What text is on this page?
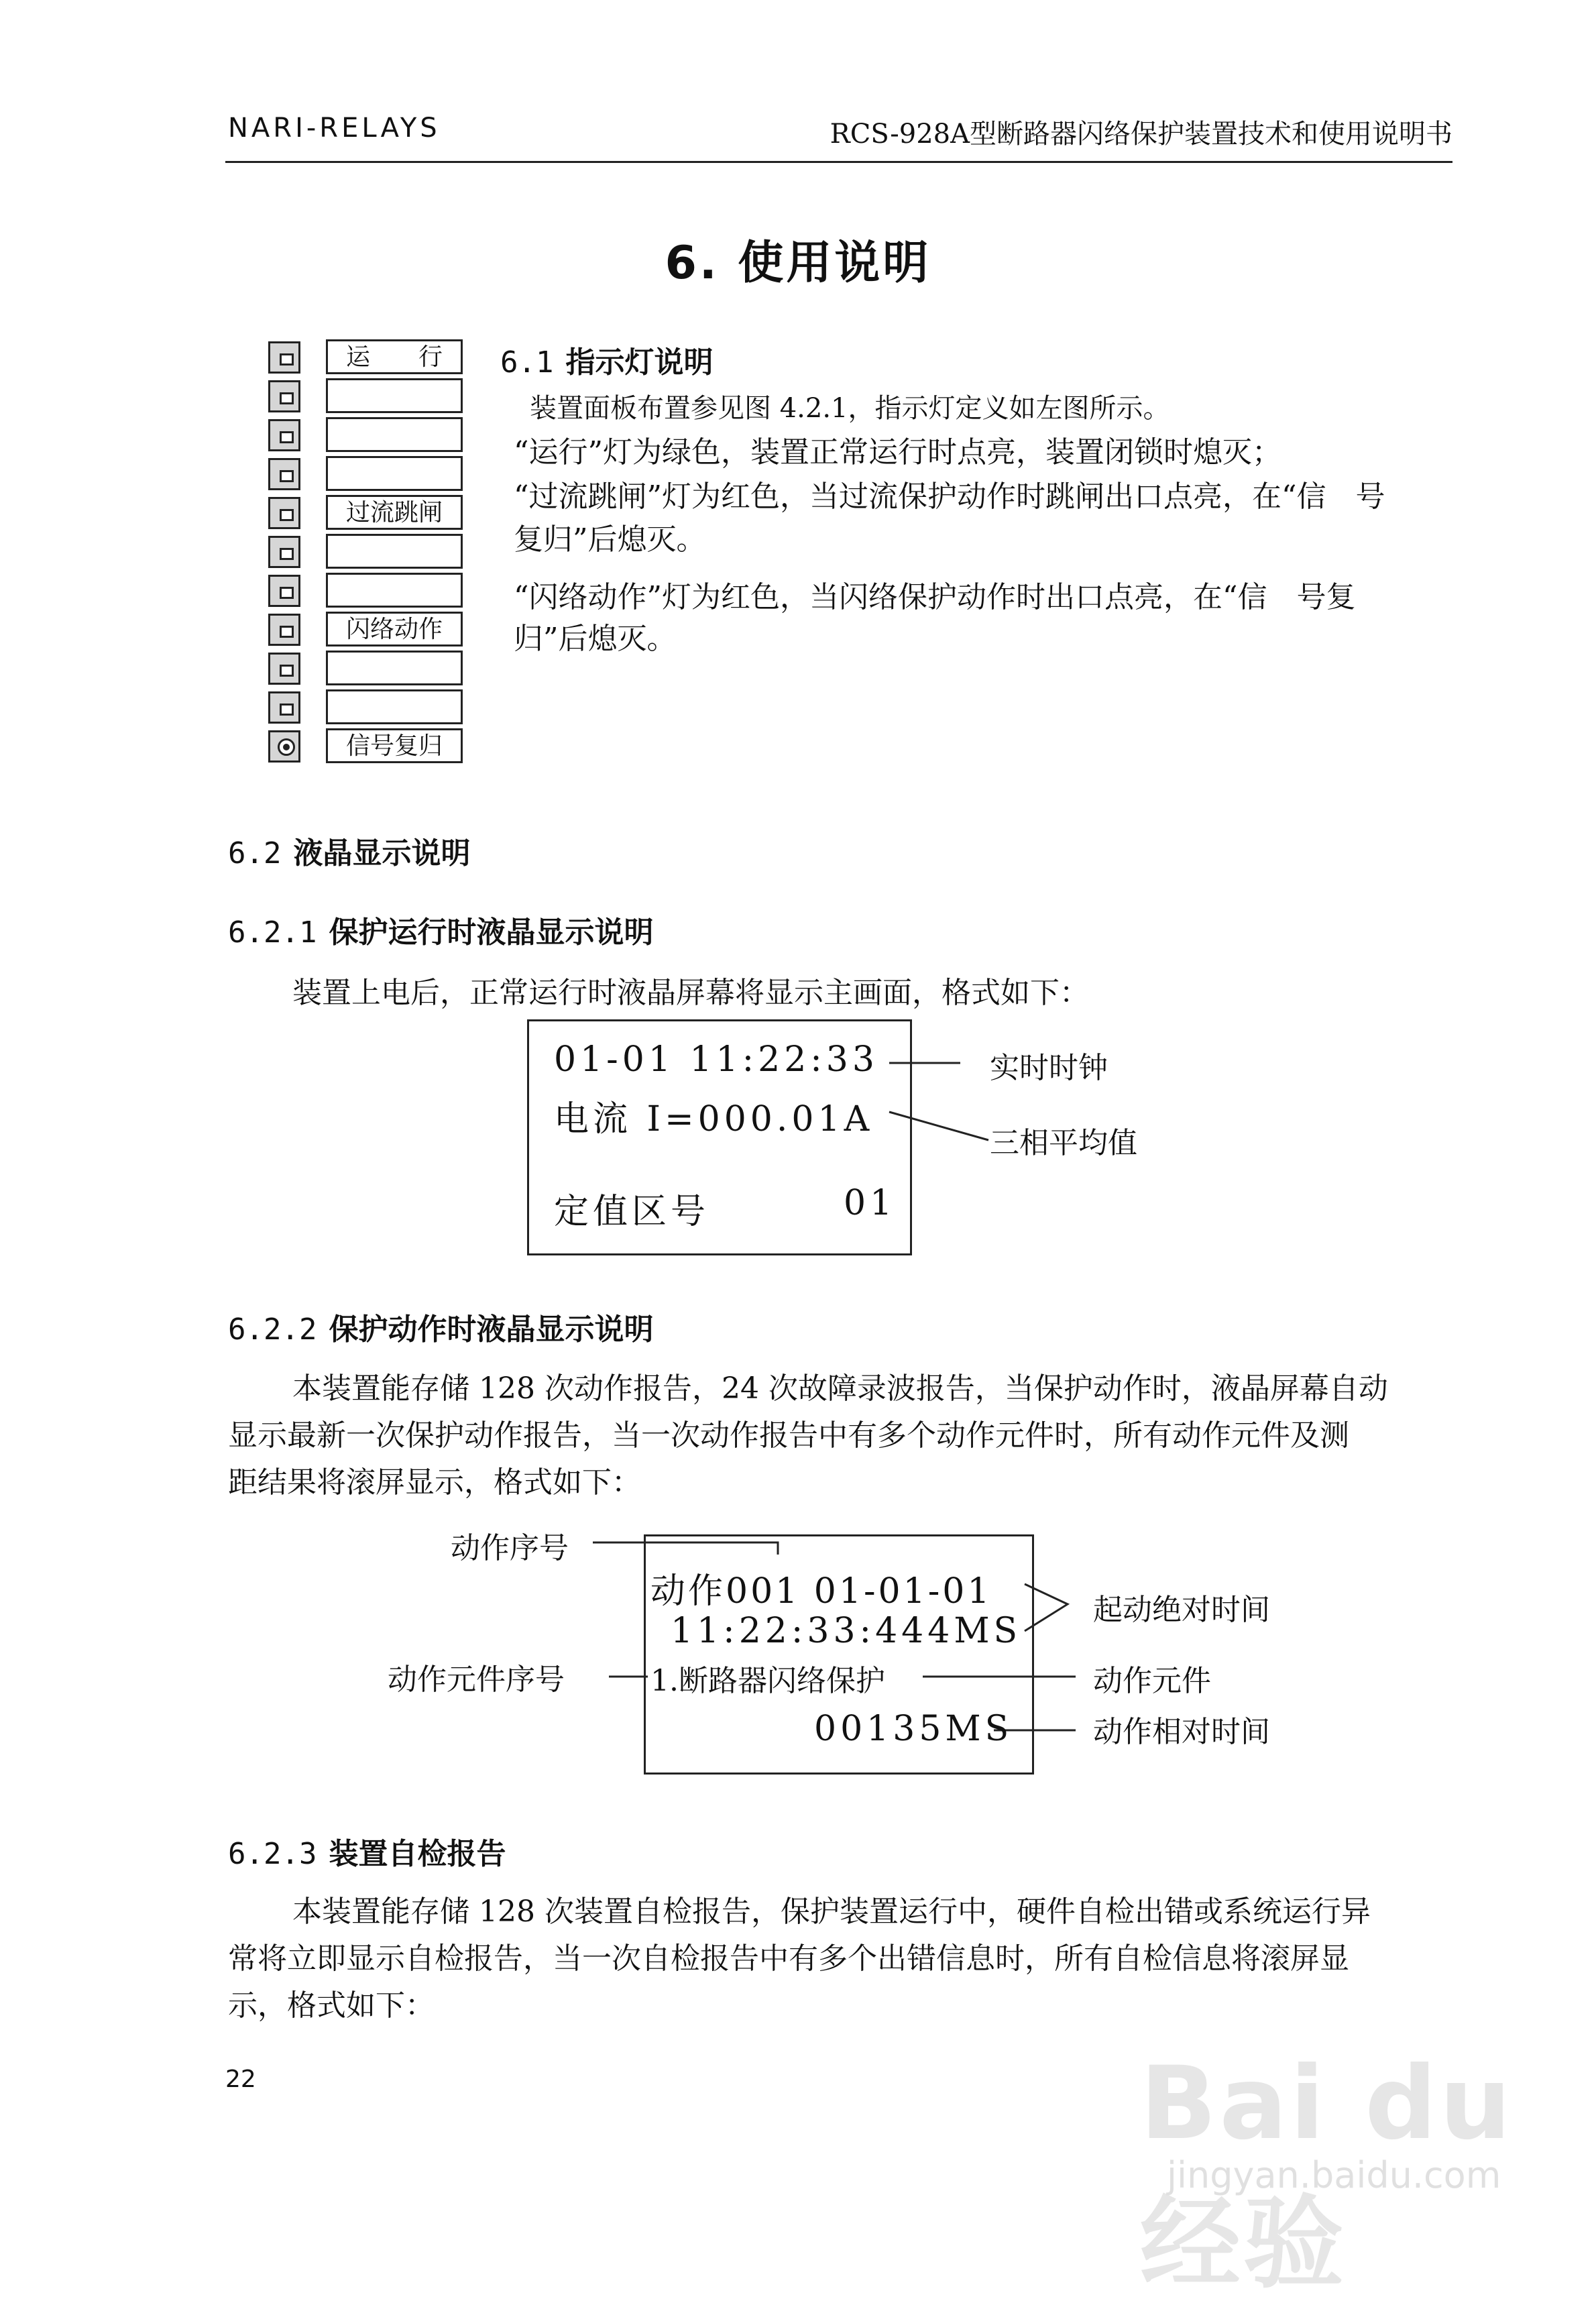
NARI-RELAYS	RCS-928A型断路器闪络保护装置技术和使用说明书
6. 使用说明
运　　行
过流跳闸
闪络动作
信号复归
6.1 指示灯说明
装置面板布置参见图 4.2.1，指示灯定义如左图所示。
“运行”灯为绿色，装置正常运行时点亮，装置闭锁时熄灭；
“过流跳闸”灯为红色，当过流保护动作时跳闸出口点亮，在“信　号
复归”后熄灭。
“闪络动作”灯为红色，当闪络保护动作时出口点亮，在“信　号复
归”后熄灭。
6.2 液晶显示说明
6.2.1 保护运行时液晶显示说明
装置上电后，正常运行时液晶屏幕将显示主画面，格式如下：
01-01 11:22:33
电流 I=000.01A
定值区号	01
实时时钟
三相平均值
6.2.2 保护动作时液晶显示说明
本装置能存储 128 次动作报告，24 次故障录波报告，当保护动作时，液晶屏幕自动
显示最新一次保护动作报告，当一次动作报告中有多个动作元件时，所有动作元件及测
距结果将滚屏显示，格式如下：
动作001 01-01-01
11:22:33:444MS
1.断路器闪络保护
00135MS
动作序号
动作元件序号
起动绝对时间
动作元件
动作相对时间
6.2.3 装置自检报告
本装置能存储 128 次装置自检报告，保护装置运行中，硬件自检出错或系统运行异
常将立即显示自检报告，当一次自检报告中有多个出错信息时，所有自检信息将滚屏显
示，格式如下：
22	Bai du 经验
jingyan.baidu.com
